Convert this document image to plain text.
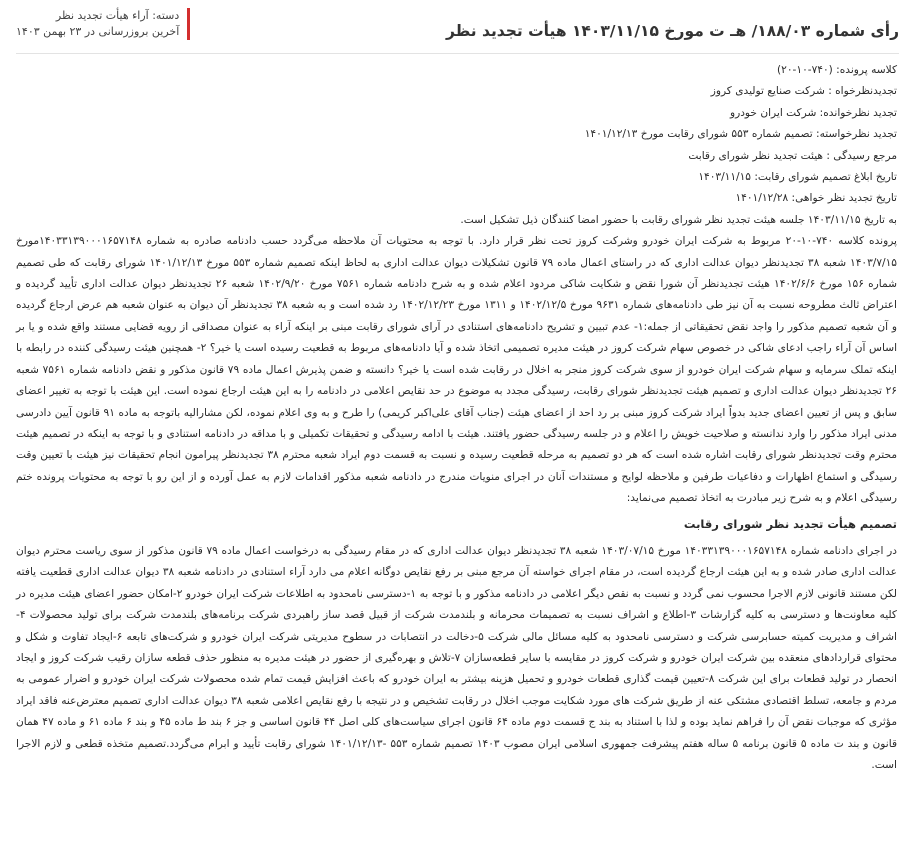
رأی شماره ۱۸۸/۰۳/ هـ ت مورخ ۱۴۰۳/۱۱/۱۵ هیأت تجدید نظر
دسته: آراء هیأت تجدید نظر
آخرین بروزرسانی در ۲۳ بهمن ۱۴۰۳
کلاسه پرونده: (۷۴۰-۱۰-۲۰)
تجدیدنظرخواه : شرکت صنایع تولیدی کروز
تجدید نظرخوانده: شرکت ایران خودرو
تجدید نظرخواسته: تصمیم شماره ۵۵۳ شورای رقابت مورخ ۱۴۰۱/۱۲/۱۳
مرجع رسیدگی : هیئت تجدید نظر شورای رقابت
تاریخ ابلاغ تصمیم شورای رقابت: ۱۴۰۳/۱۱/۱۵
تاریخ تجدید نظر خواهی: ۱۴۰۱/۱۲/۲۸

به تاریخ ۱۴۰۳/۱۱/۱۵ جلسه هیئت تجدید نظر شورای رقابت با حضور امضا کنندگان ذیل تشکیل است.

پرونده کلاسه ۷۴۰-۱۰-۲۰ مربوط به شرکت ایران خودرو وشرکت کروز تحت نظر قرار دارد. با توجه به محتویات آن ملاحظه می‌گردد حسب دادنامه صادره به شماره ۱۴۰۳۳۱۳۹۰۰۰۱۶۵۷۱۴۸مورخ ۱۴۰۳/۷/۱۵ شعبه ۳۸ تجدیدنظر دیوان عدالت اداری که در راستای اعمال ماده ۷۹ قانون تشکیلات دیوان عدالت اداری به لحاظ اینکه تصمیم شماره ۵۵۳ مورخ ۱۴۰۱/۱۲/۱۳ شورای رقابت که طی تصمیم شماره ۱۵۶ مورخ ۱۴۰۲/۶/۶ هیئت تجدیدنظر آن شورا نقض و شکایت شاکی مردود اعلام شده و به شرح دادنامه شماره ۷۵۶۱ مورخ ۱۴۰۲/۹/۲۰ شعبه ۲۶ تجدیدنظر دیوان عدالت اداری تأیید گردیده و اعتراض ثالث مطروحه نسبت به آن نیز طی دادنامه‌های شماره ۹۶۳۱ مورخ ۱۴۰۲/۱۲/۵ و ۱۳۱۱ مورخ ۱۴۰۲/۱۲/۲۳ رد شده است و به شعبه ۳۸ تجدیدنظر آن دیوان به عنوان شعبه هم عرض ارجاع گردیده و آن شعبه تصمیم مذکور را واجد نقض تحقیقاتی از جمله:۱- عدم تبیین و تشریح دادنامه‌های استنادی در آرای شورای رقابت مبنی بر اینکه آراء به عنوان مصداقی از رویه قضایی مستند واقع شده و یا بر اساس آن آراء راجب ادعای شاکی در خصوص سهام شرکت کروز در هیئت مدیره تصمیمی اتخاذ شده و آیا دادنامه‌های مربوط به قطعیت رسیده است یا خیر؟ ۲- همچنین هیئت رسیدگی کننده در رابطه با اینکه تملک سرمایه و سهام شرکت ایران خودرو از سوی شرکت کروز منجر به اخلال در رقابت شده است یا خیر؟ دانسته و ضمن پذیرش اعمال ماده ۷۹ قانون مذکور و نقض دادنامه شماره ۷۵۶۱ شعبه ۲۶ تجدیدنظر دیوان عدالت اداری و تصمیم هیئت تجدیدنظر شورای رقابت، رسیدگی مجدد به موضوع در حد نقایص اعلامی در دادنامه را به این هیئت ارجاع نموده است. این هیئت با توجه به تغییر اعضای سابق و پس از تعیین اعضای جدید بدواً ایراد شرکت کروز مبنی بر رد احد از اعضای هیئت (جناب آقای علی‌اکبر کریمی) را طرح و به وی اعلام نموده، لکن مشارالیه باتوجه به ماده ۹۱ قانون آیین دادرسی مدنی ایراد مذکور را وارد ندانسته و صلاحیت خویش را اعلام و در جلسه رسیدگی حضور یافتند. هیئت با ادامه رسیدگی و تحقیقات تکمیلی و با مداقه در دادنامه استنادی و با توجه به اینکه در تصمیم هیئت محترم وقت تجدیدنظر شورای رقابت اشاره شده است که هر دو تصمیم به مرحله قطعیت رسیده و نسبت به قسمت دوم ایراد شعبه محترم ۳۸ تجدیدنظر پیرامون انجام تحقیقات نیز هیئت با تعیین وقت رسیدگی و استماع اظهارات و دفاعیات طرفین و ملاحظه لوایح و مستندات آنان در اجرای منویات مندرج در دادنامه شعبه مذکور اقدامات لازم به عمل آورده و از این رو با توجه به محتویات پرونده ختم رسیدگی اعلام و به شرح زیر مبادرت به اتخاذ تصمیم می‌نماید:

تصمیم هیأت تجدید نظر شورای رقابت

در اجرای دادنامه شماره ۱۴۰۳۳۱۳۹۰۰۰۱۶۵۷۱۴۸ مورخ ۱۴۰۳/۰۷/۱۵ شعبه ۳۸ تجدیدنظر دیوان عدالت اداری که در مقام رسیدگی به درخواست اعمال ماده ۷۹ قانون مذکور از سوی ریاست محترم دیوان عدالت اداری صادر شده و به این هیئت ارجاع گردیده است، در مقام اجرای خواسته آن مرجع مبنی بر رفع نقایص دوگانه اعلام می دارد آراء استنادی در دادنامه شعبه ۳۸ دیوان عدالت اداری قطعیت یافته لکن مستند قانونی لازم الاجرا محسوب نمی گردد و نسبت به نقص دیگر اعلامی در دادنامه مذکور و با توجه به ۱-دسترسی نامحدود به اطلاعات شرکت ایران خودرو ۲-امکان حضور اعضای هیئت مدیره در کلیه معاونت‌ها و دسترسی به کلیه گزارشات ۳-اطلاع و اشراف نسبت به تصمیمات محرمانه و بلندمدت شرکت از قبیل قصد ساز راهبردی شرکت برنامه‌های بلندمدت شرکت برای تولید محصولات ۴-اشراف و مدیریت کمیته حسابرسی شرکت و دسترسی نامحدود به کلیه مسائل مالی شرکت ۵-دخالت در انتصابات در سطوح مدیریتی شرکت ایران خودرو و شرکت‌های تابعه ۶-ایجاد تفاوت و شکل و محتوای قراردادهای منعقده بین شرکت ایران خودرو و شرکت کروز در مقایسه با سایر قطعه‌سازان ۷-تلاش و بهره‌گیری از حضور در هیئت مدیره به منظور حذف قطعه سازان رقیب شرکت کروز و ایجاد انحصار در تولید قطعات برای این شرکت ۸-تعیین قیمت گذاری قطعات خودرو و تحمیل هزینه بیشتر به ایران خودرو که باعث افزایش قیمت تمام شده محصولات شرکت ایران خودرو و اضرار عمومی به مردم و جامعه، تسلط اقتصادی مشتکی عنه از طریق شرکت های مورد شکایت موجب اخلال در رقابت تشخیص و در نتیجه با رفع نقایص اعلامی شعبه ۳۸ دیوان عدالت اداری تصمیم معترض‌عنه فاقد ایراد مؤثری که موجبات نقض آن را فراهم نماید بوده و لذا با استناد به بند ج قسمت دوم ماده ۶۴ قانون اجرای سیاست‌های کلی اصل ۴۴ قانون اساسی و جز ۶ بند ط ماده ۴۵ و بند ۶ ماده ۶۱ و ماده ۴۷ همان قانون و بند ت ماده ۵ قانون برنامه ۵ ساله هفتم پیشرفت جمهوری اسلامی ایران مصوب ۱۴۰۳ تصمیم شماره ۵۵۳ -۱۴۰۱/۱۲/۱۳ شورای رقابت تأیید و ابرام می‌گردد.تصمیم متخذه قطعی و لازم الاجرا است.
